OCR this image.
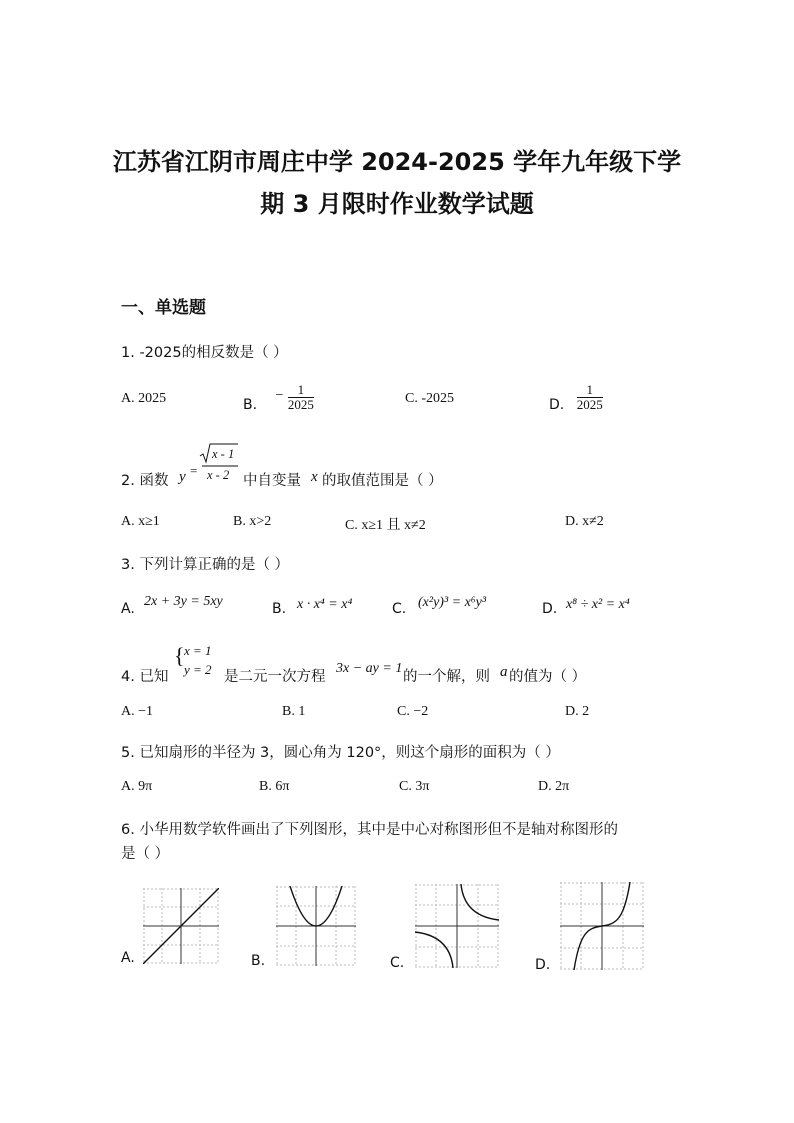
江苏省江阴市周庄中学 2024-2025 学年九年级下学
期 3 月限时作业数学试题
一、单选题
1. -2025的相反数是（ ）
A. 2025	B. − $\frac{1}{2025}$	C. -2025	D. $\frac{1}{2025}$
2. 函数 y =
x - 1
x - 2 中自变量 x 的取值范围是（ ）
A. x≥1	B. x>2	C. x≥1 且 x≠2	D. x≠2
3. 下列计算正确的是（ ）
A. 2x + 3y = 5xy	B. x · x⁴ = x⁴	C. (x²y)³ = x⁶y³	D. x⁸ ÷ x² = x⁴
4. 已知
{ x = 1
y = 2 是二元一次方程
3x − ay = 1
的一个解，则 a 的值为（ ）
A. −1	B. 1	C. −2	D. 2
5. 已知扇形的半径为 3，圆心角为 120°，则这个扇形的面积为（ ）
A. 9π	B. 6π	C. 3π	D. 2π
6. 小华用数学软件画出了下列图形，其中是中心对称图形但不是轴对称图形的
是（ ）
A.	B.	C.	D.
